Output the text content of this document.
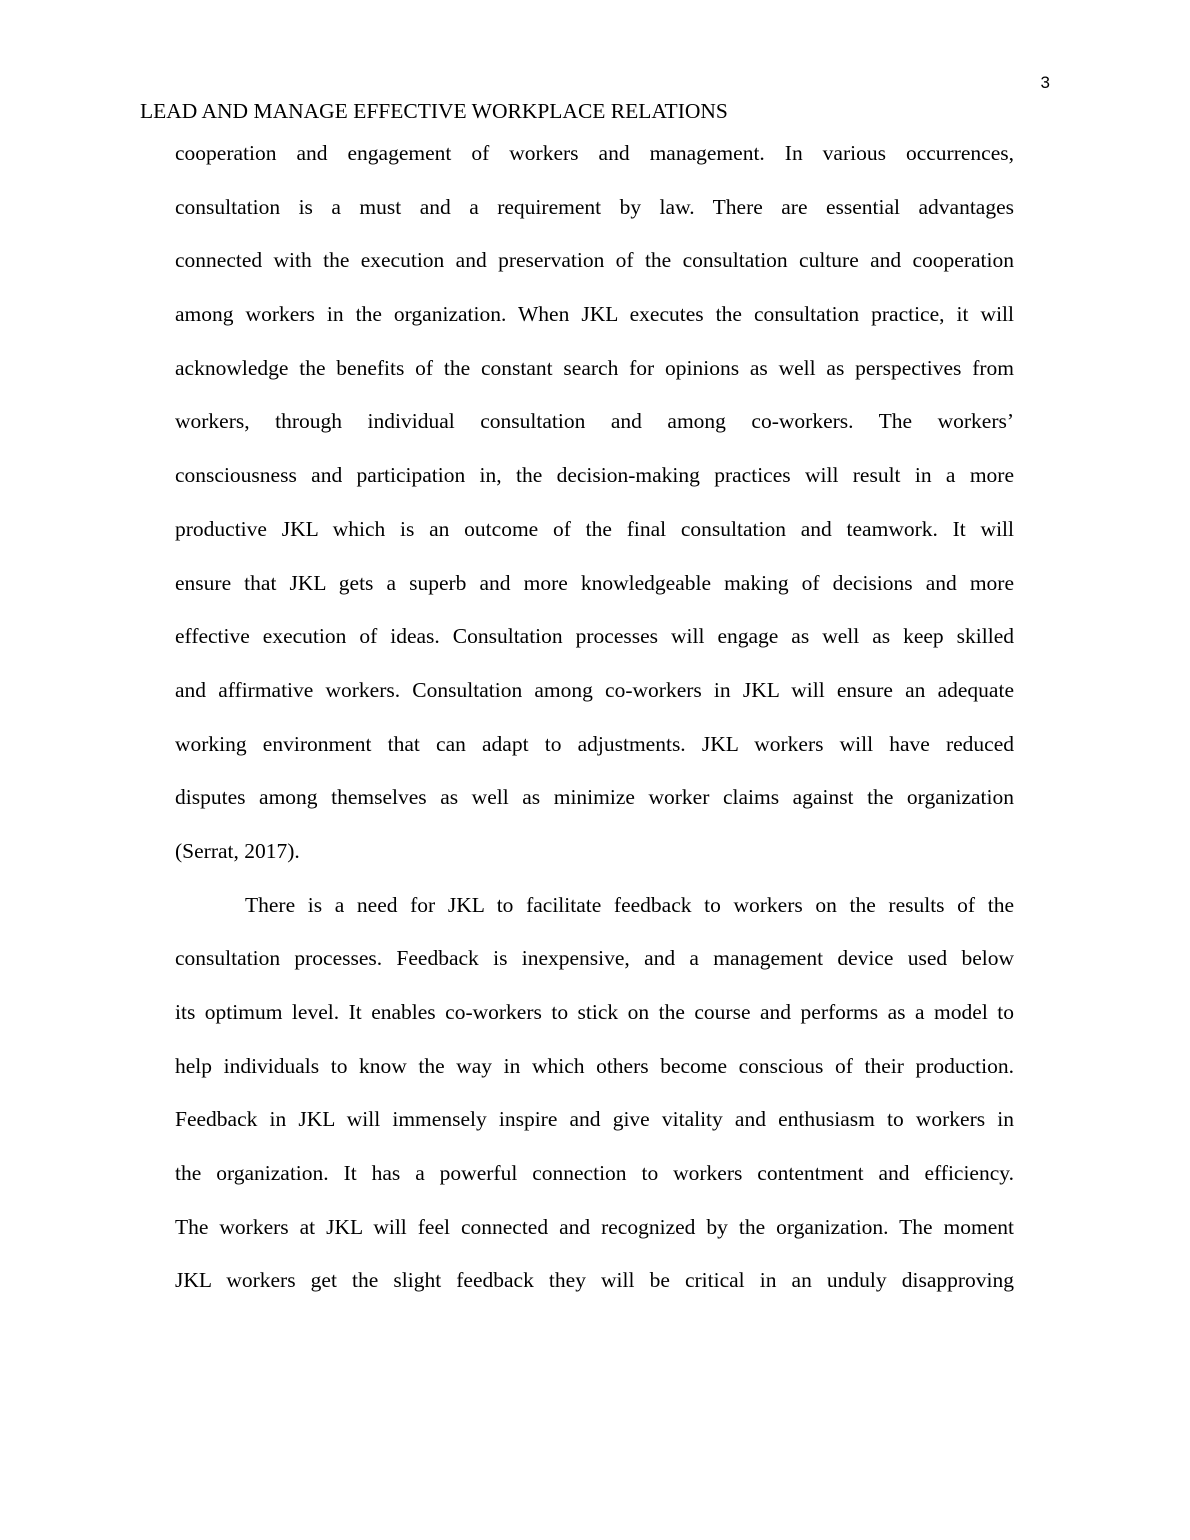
3
LEAD AND MANAGE EFFECTIVE WORKPLACE RELATIONS

cooperation and engagement of workers and management. In various occurrences,
consultation is a must and a requirement by law. There are essential advantages
connected with the execution and preservation of the consultation culture and cooperation
among workers in the organization. When JKL executes the consultation practice, it will
acknowledge the benefits of the constant search for opinions as well as perspectives from
workers, through individual consultation and among co-workers. The workers’
consciousness and participation in, the decision-making practices will result in a more
productive JKL which is an outcome of the final consultation and teamwork. It will
ensure that JKL gets a superb and more knowledgeable making of decisions and more
effective execution of ideas. Consultation processes will engage as well as keep skilled
and affirmative workers. Consultation among co-workers in JKL will ensure an adequate
working environment that can adapt to adjustments. JKL workers will have reduced
disputes among themselves as well as minimize worker claims against the organization
(Serrat, 2017).

There is a need for JKL to facilitate feedback to workers on the results of the
consultation processes. Feedback is inexpensive, and a management device used below
its optimum level. It enables co-workers to stick on the course and performs as a model to
help individuals to know the way in which others become conscious of their production.
Feedback in JKL will immensely inspire and give vitality and enthusiasm to workers in
the organization. It has a powerful connection to workers contentment and efficiency.
The workers at JKL will feel connected and recognized by the organization. The moment
JKL workers get the slight feedback they will be critical in an unduly disapproving
